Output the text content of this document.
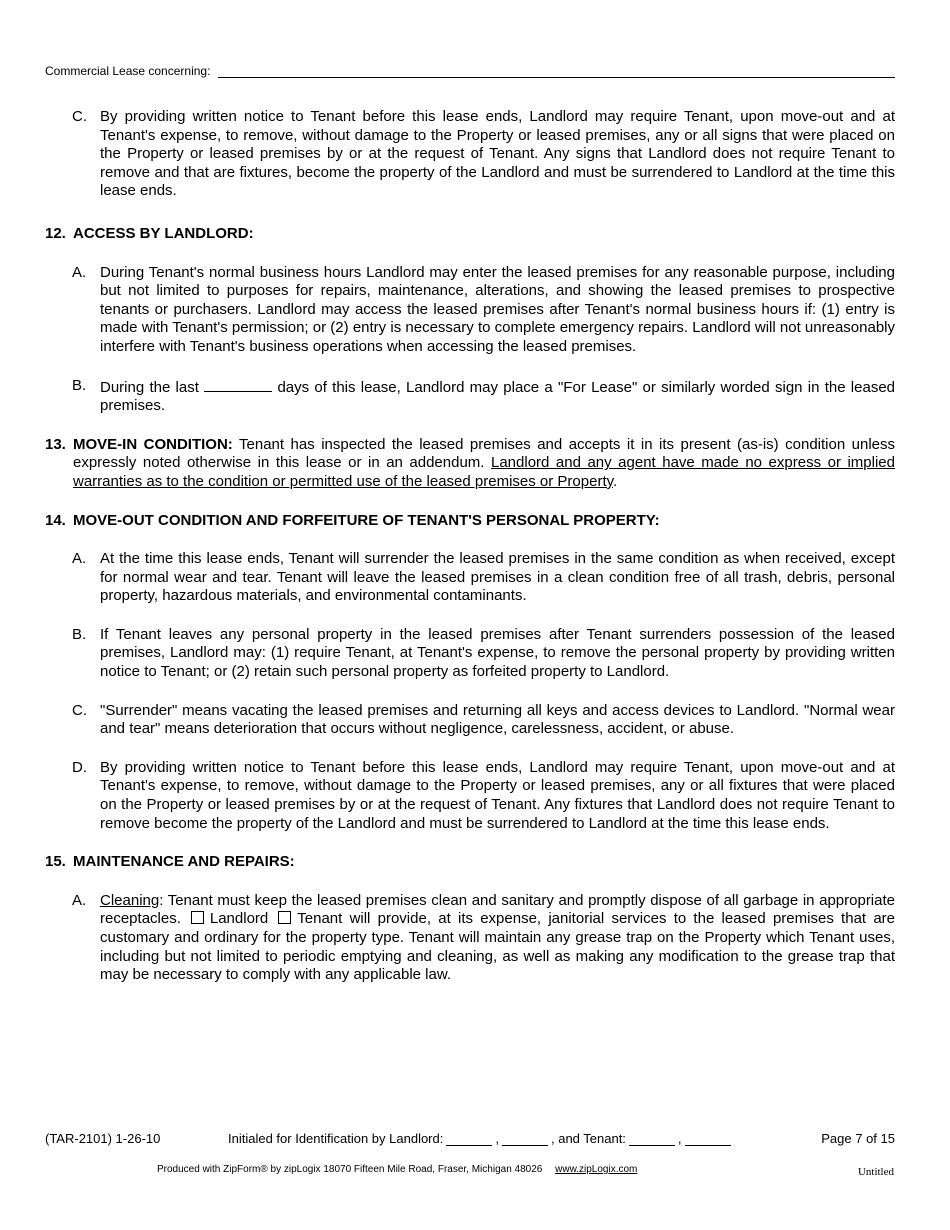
Commercial Lease concerning:
C. By providing written notice to Tenant before this lease ends, Landlord may require Tenant, upon move-out and at Tenant's expense, to remove, without damage to the Property or leased premises, any or all signs that were placed on the Property or leased premises by or at the request of Tenant. Any signs that Landlord does not require Tenant to remove and that are fixtures, become the property of the Landlord and must be surrendered to Landlord at the time this lease ends.
12. ACCESS BY LANDLORD:
A. During Tenant's normal business hours Landlord may enter the leased premises for any reasonable purpose, including but not limited to purposes for repairs, maintenance, alterations, and showing the leased premises to prospective tenants or purchasers. Landlord may access the leased premises after Tenant's normal business hours if: (1) entry is made with Tenant's permission; or (2) entry is necessary to complete emergency repairs. Landlord will not unreasonably interfere with Tenant's business operations when accessing the leased premises.
B. During the last	days of this lease, Landlord may place a "For Lease" or similarly worded sign in the leased premises.
13. MOVE-IN CONDITION: Tenant has inspected the leased premises and accepts it in its present (as-is) condition unless expressly noted otherwise in this lease or in an addendum. Landlord and any agent have made no express or implied warranties as to the condition or permitted use of the leased premises or Property.
14. MOVE-OUT CONDITION AND FORFEITURE OF TENANT'S PERSONAL PROPERTY:
A. At the time this lease ends, Tenant will surrender the leased premises in the same condition as when received, except for normal wear and tear. Tenant will leave the leased premises in a clean condition free of all trash, debris, personal property, hazardous materials, and environmental contaminants.
B. If Tenant leaves any personal property in the leased premises after Tenant surrenders possession of the leased premises, Landlord may: (1) require Tenant, at Tenant's expense, to remove the personal property by providing written notice to Tenant; or (2) retain such personal property as forfeited property to Landlord.
C. "Surrender" means vacating the leased premises and returning all keys and access devices to Landlord. "Normal wear and tear" means deterioration that occurs without negligence, carelessness, accident, or abuse.
D. By providing written notice to Tenant before this lease ends, Landlord may require Tenant, upon move-out and at Tenant's expense, to remove, without damage to the Property or leased premises, any or all fixtures that were placed on the Property or leased premises by or at the request of Tenant. Any fixtures that Landlord does not require Tenant to remove become the property of the Landlord and must be surrendered to Landlord at the time this lease ends.
15. MAINTENANCE AND REPAIRS:
A. Cleaning: Tenant must keep the leased premises clean and sanitary and promptly dispose of all garbage in appropriate receptacles. Landlord Tenant will provide, at its expense, janitorial services to the leased premises that are customary and ordinary for the property type. Tenant will maintain any grease trap on the Property which Tenant uses, including but not limited to periodic emptying and cleaning, as well as making any modification to the grease trap that may be necessary to comply with any applicable law.
(TAR-2101) 1-26-10	Initialed for Identification by Landlord:	,	, and Tenant:	,	Page 7 of 15
Produced with ZipForm® by zipLogix 18070 Fifteen Mile Road, Fraser, Michigan 48026 www.zipLogix.com	Untitled
